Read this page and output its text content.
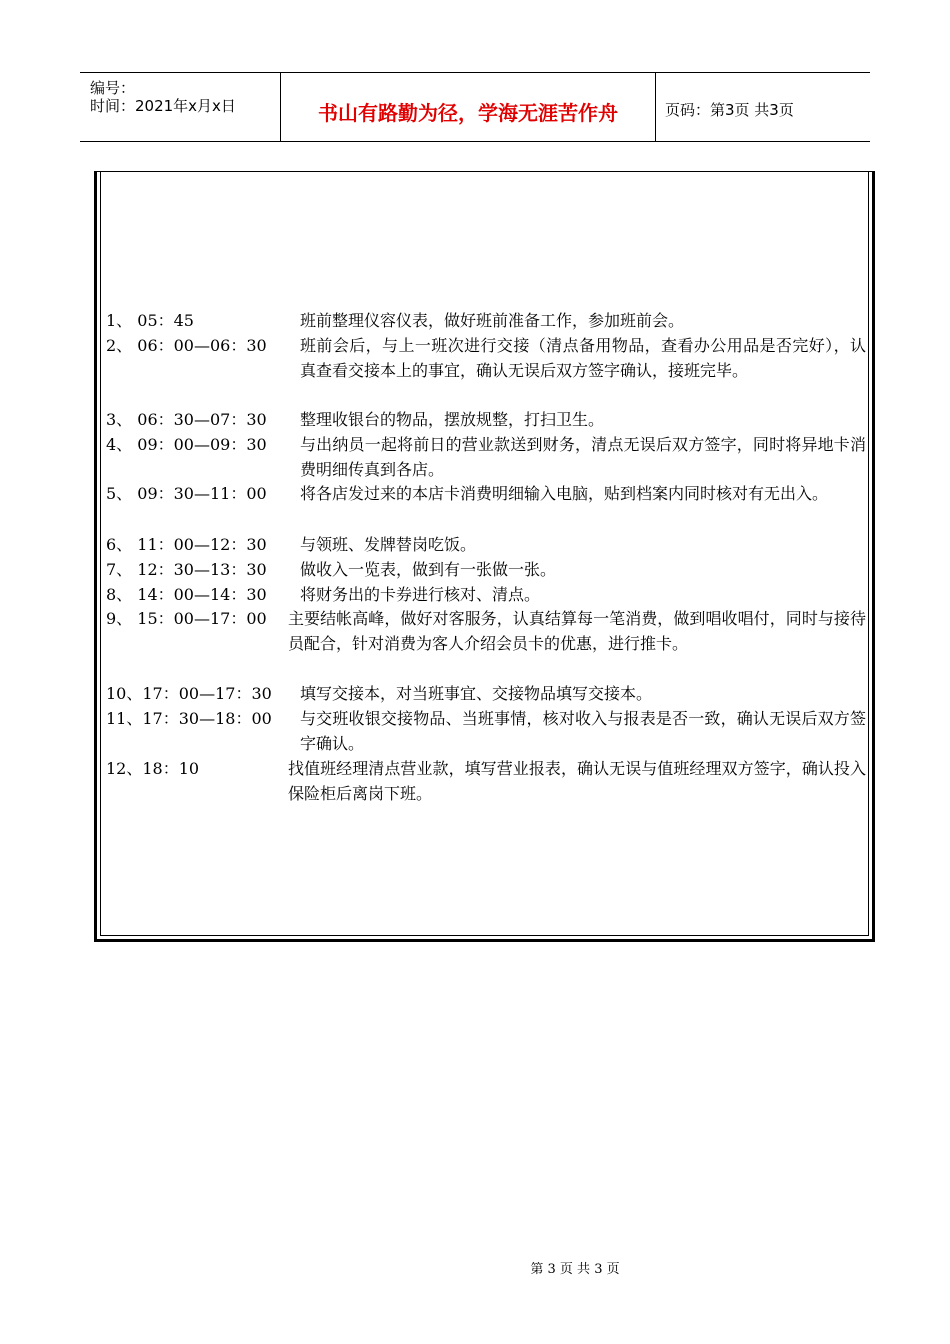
编号：
时间：2021年x月x日	书山有路勤为径，学海无涯苦作舟	页码：第3页 共3页
1、 05：45	班前整理仪容仪表，做好班前准备工作，参加班前会。
2、 06：00—06：30 班前会后，与上一班次进行交接（清点备用物品，查看办公用品是否完好），认真查看交接本上的事宜，确认无误后双方签字确认，接班完毕。
3、 06：30—07：30 整理收银台的物品，摆放规整，打扫卫生。
4、 09：00—09：30 与出纳员一起将前日的营业款送到财务，清点无误后双方签字，同时将异地卡消费明细传真到各店。
5、 09：30—11：00 将各店发过来的本店卡消费明细输入电脑，贴到档案内同时核对有无出入。
6、 11：00—12：30 与领班、发牌替岗吃饭。
7、 12：30—13：30 做收入一览表，做到有一张做一张。
8、 14：00—14：30 将财务出的卡券进行核对、清点。
9、 15：00—17：00 主要结帐高峰，做好对客服务，认真结算每一笔消费，做到唱收唱付，同时与接待员配合，针对消费为客人介绍会员卡的优惠，进行推卡。
10、17：00—17：30 填写交接本，对当班事宜、交接物品填写交接本。
11、17：30—18：00 与交班收银交接物品、当班事情，核对收入与报表是否一致，确认无误后双方签字确认。
12、18：10	找值班经理清点营业款，填写营业报表，确认无误与值班经理双方签字，确认投入保险柜后离岗下班。
第 3 页 共 3 页
